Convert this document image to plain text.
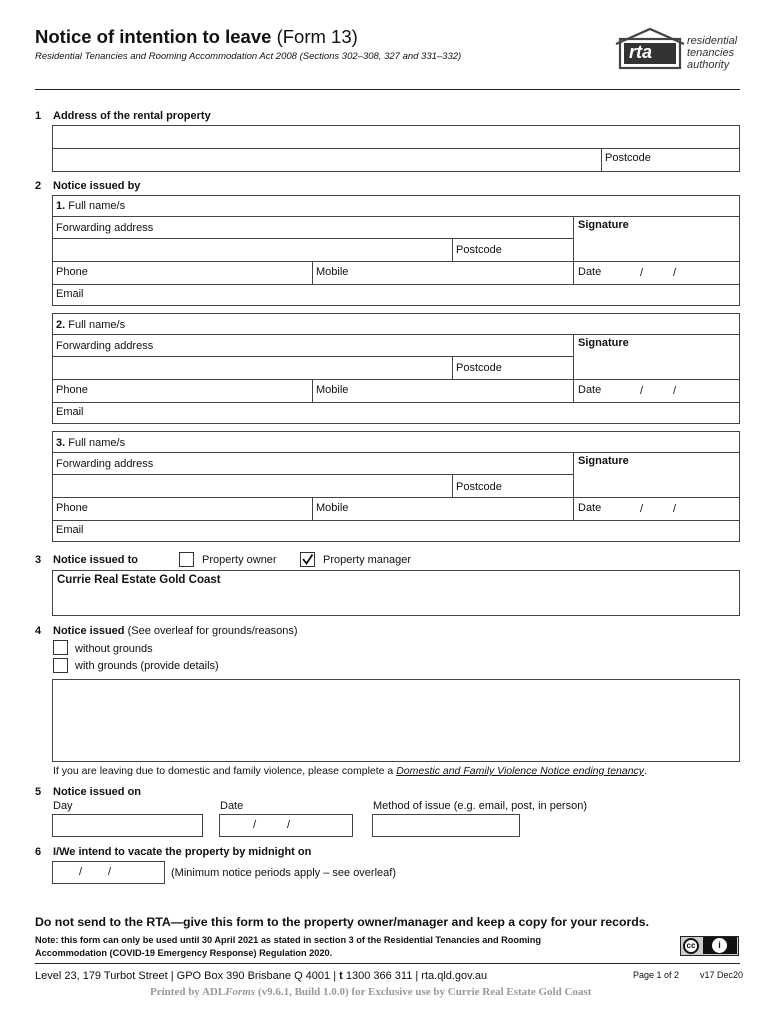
Notice of intention to leave (Form 13)
Residential Tenancies and Rooming Accommodation Act 2008 (Sections 302–308, 327 and 331–332)	rta
residential
tenancies
authority
1 Address of the rental property
Postcode
2 Notice issued by
1. Full name/s
Forwarding address	Signature
Postcode
Phone	Mobile	Date	/	/
Email
2. Full name/s
Forwarding address	Signature
Postcode
Phone	Mobile	Date	/	/
Email
3. Full name/s
Forwarding address	Signature
Postcode
Phone	Mobile	Date	/	/
Email
3 Notice issued to	Property owner	Property manager
Currie Real Estate Gold Coast
4 Notice issued (See overleaf for grounds/reasons)
without grounds
with grounds (provide details)
If you are leaving due to domestic and family violence, please complete a Domestic and Family Violence Notice ending tenancy.
5 Notice issued on
Day	Date	Method of issue (e.g. email, post, in person)
/	/
6 I/We intend to vacate the property by midnight on
/ /	(Minimum notice periods apply – see overleaf)
Do not send to the RTA—give this form to the property owner/manager and keep a copy for your records.
Note: this form can only be used until 30 April 2021 as stated in section 3 of the Residential Tenancies and Rooming
Accommodation (COVID-19 Emergency Response) Regulation 2020.
cc	i
Level 23, 179 Turbot Street | GPO Box 390 Brisbane Q 4001 | t 1300 366 311 | rta.qld.gov.au	Page 1 of 2 v17 Dec20
Printed by ADLForms (v9.6.1, Build 1.0.0) for Exclusive use by Currie Real Estate Gold Coast
